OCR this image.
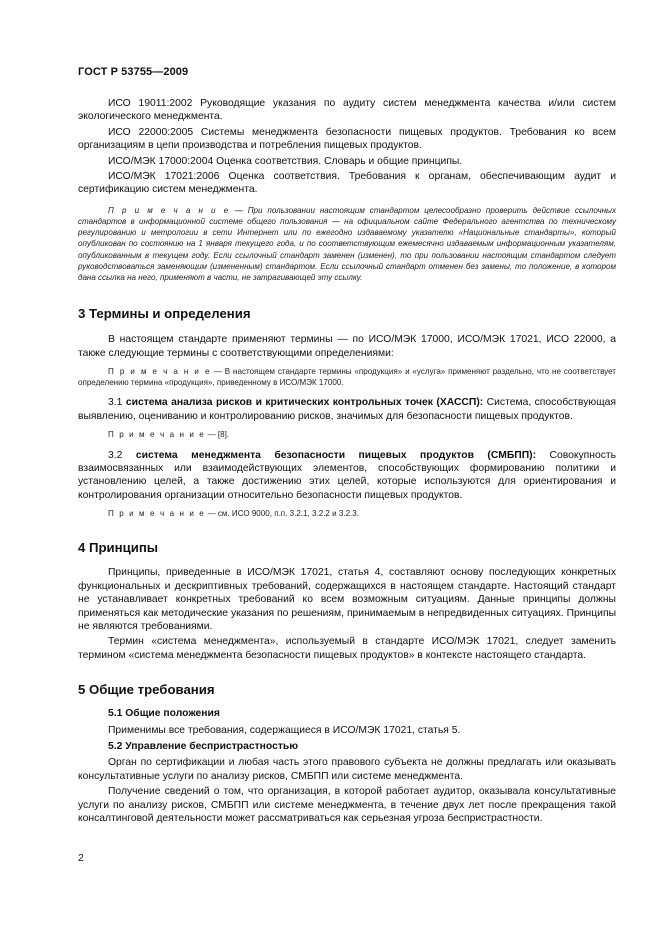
ГОСТ Р 53755—2009

ИСО 19011:2002 Руководящие указания по аудиту систем менеджмента качества и/или систем экологического менеджмента.

ИСО 22000:2005 Системы менеджмента безопасности пищевых продуктов. Требования ко всем организациям в цепи производства и потребления пищевых продуктов.

ИСО/МЭК 17000:2004 Оценка соответствия. Словарь и общие принципы.

ИСО/МЭК 17021:2006 Оценка соответствия. Требования к органам, обеспечивающим аудит и сертификацию систем менеджмента.

П р и м е ч а н и е — При пользовании настоящим стандартом целесообразно проверить действие ссылочных стандартов в информационной системе общего пользования — на официальном сайте Федерального агентства по техническому регулированию и метрологии в сети Интернет или по ежегодно издаваемому указателю «Национальные стандарты», который опубликован по состоянию на 1 января текущего года, и по соответствующим ежемесячно издаваемым информационным указателям, опубликованным в текущем году. Если ссылочный стандарт заменен (изменен), то при пользовании настоящим стандартом следует руководствоваться заменяющим (измененным) стандартом. Если ссылочный стандарт отменен без замены, то положение, в котором дана ссылка на него, применяют в части, не затрагивающей эту ссылку.

3 Термины и определения

В настоящем стандарте применяют термины — по ИСО/МЭК 17000, ИСО/МЭК 17021, ИСО 22000, а также следующие термины с соответствующими определениями:

П р и м е ч а н и е — В настоящем стандарте термины «продукция» и «услуга» применяют раздельно, что не соответствует определению термина «продукция», приведенному в ИСО/МЭК 17000.

3.1 система анализа рисков и критических контрольных точек (ХАССП): Система, способствующая выявлению, оцениванию и контролированию рисков, значимых для безопасности пищевых продуктов.

П р и м е ч а н и е — [8].

3.2 система менеджмента безопасности пищевых продуктов (СМБПП): Совокупность взаимосвязанных или взаимодействующих элементов, способствующих формированию политики и установлению целей, а также достижению этих целей, которые используются для ориентирования и контролирования организации относительно безопасности пищевых продуктов.

П р и м е ч а н и е — см. ИСО 9000, п.п. 3.2.1, 3.2.2 и 3.2.3.

4 Принципы

Принципы, приведенные в ИСО/МЭК 17021, статья 4, составляют основу последующих конкретных функциональных и дескриптивных требований, содержащихся в настоящем стандарте. Настоящий стандарт не устанавливает конкретных требований ко всем возможным ситуациям. Данные принципы должны применяться как методические указания по решениям, принимаемым в непредвиденных ситуациях. Принципы не являются требованиями.

Термин «система менеджмента», используемый в стандарте ИСО/МЭК 17021, следует заменить термином «система менеджмента безопасности пищевых продуктов» в контексте настоящего стандарта.

5 Общие требования
5.1 Общие положения

Применимы все требования, содержащиеся в ИСО/МЭК 17021, статья 5.

5.2 Управление беспристрастностью

Орган по сертификации и любая часть этого правового субъекта не должны предлагать или оказывать консультативные услуги по анализу рисков, СМБПП или системе менеджмента.

Получение сведений о том, что организация, в которой работает аудитор, оказывала консультативные услуги по анализу рисков, СМБПП или системе менеджмента, в течение двух лет после прекращения такой консалтинговой деятельности может рассматриваться как серьезная угроза беспристрастности.

2
